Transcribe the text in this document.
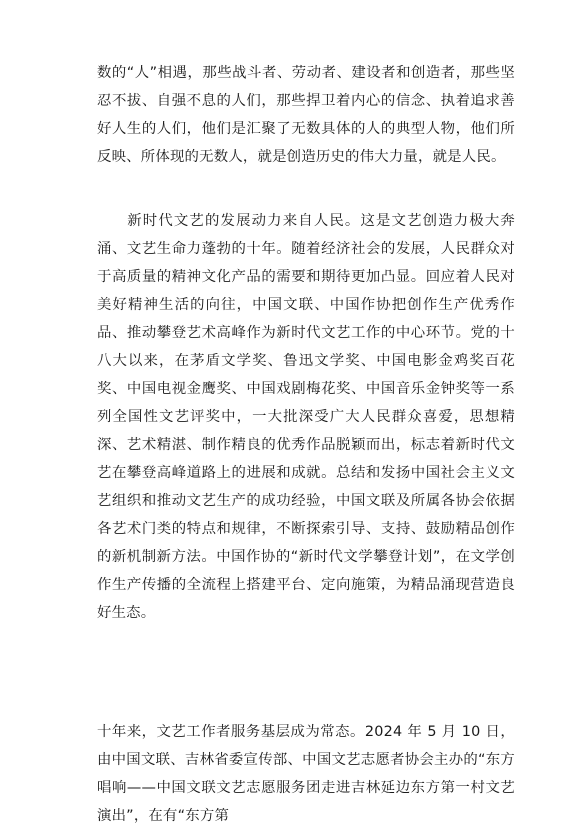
数的“人”相遇，那些战斗者、劳动者、建设者和创造者，那些坚忍不拔、自强不息的人们，那些捍卫着内心的信念、执着追求善好人生的人们，他们是汇聚了无数具体的人的典型人物，他们所反映、所体现的无数人，就是创造历史的伟大力量，就是人民。

新时代文艺的发展动力来自人民。这是文艺创造力极大奔涌、文艺生命力蓬勃的十年。随着经济社会的发展，人民群众对于高质量的精神文化产品的需要和期待更加凸显。回应着人民对美好精神生活的向往，中国文联、中国作协把创作生产优秀作品、推动攀登艺术高峰作为新时代文艺工作的中心环节。党的十八大以来，在茅盾文学奖、鲁迅文学奖、中国电影金鸡奖百花奖、中国电视金鹰奖、中国戏剧梅花奖、中国音乐金钟奖等一系列全国性文艺评奖中，一大批深受广大人民群众喜爱，思想精深、艺术精湛、制作精良的优秀作品脱颖而出，标志着新时代文艺在攀登高峰道路上的进展和成就。总结和发扬中国社会主义文艺组织和推动文艺生产的成功经验，中国文联及所属各协会依据各艺术门类的特点和规律，不断探索引导、支持、鼓励精品创作的新机制新方法。中国作协的“新时代文学攀登计划”，在文学创作生产传播的全流程上搭建平台、定向施策，为精品涌现营造良好生态。

十年来，文艺工作者服务基层成为常态。2024 年 5 月 10 日，由中国文联、吉林省委宣传部、中国文艺志愿者协会主办的“东方唱响——中国文联文艺志愿服务团走进吉林延边东方第一村文艺演出”，在有“东方第
